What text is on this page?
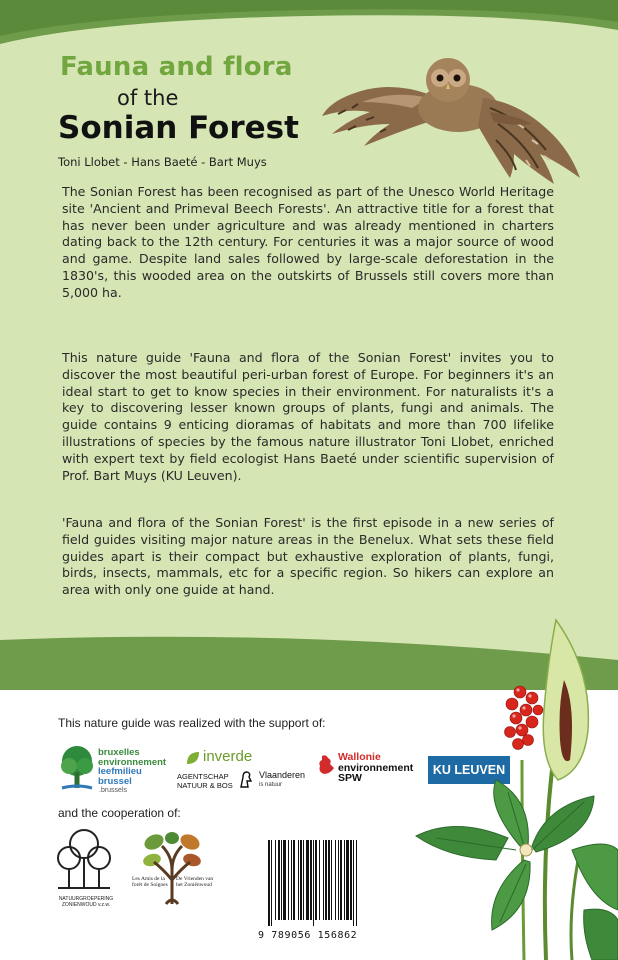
Fauna and flora
of the
Sonian Forest
Toni Llobet - Hans Baeté - Bart Muys

The Sonian Forest has been recognised as part of the Unesco World Heritage site 'Ancient and Primeval Beech Forests'. An attractive title for a forest that has never been under agriculture and was already mentioned in charters dating back to the 12th century. For centuries it was a major source of wood and game. Despite land sales followed by large-scale deforestation in the 1830's, this wooded area on the outskirts of Brussels still covers more than 5,000 ha.

This nature guide 'Fauna and flora of the Sonian Forest' invites you to discover the most beautiful peri-urban forest of Europe. For beginners it's an ideal start to get to know species in their environment. For naturalists it's a key to discovering lesser known groups of plants, fungi and animals. The guide contains 9 enticing dioramas of habitats and more than 700 lifelike illustrations of species by the famous nature illustrator Toni Llobet, enriched with expert text by field ecologist Hans Baeté under scientific supervision of Prof. Bart Muys (KU Leuven).

'Fauna and flora of the Sonian Forest' is the first episode in a new series of field guides visiting major nature areas in the Benelux. What sets these field guides apart is their compact but exhaustive exploration of plants, fungi, birds, insects, mammals, etc for a specific region. So hikers can explore an area with only one guide at hand.

This nature guide was realized with the support of:
bruxelles
environnement
leefmilieu
brussel
.brussels
inverde
AGENTSCHAP
NATUUR & BOS
Vlaanderen
is natuur
Wallonie
environnement
SPW
KU LEUVEN
and the cooperation of:
NATUURGROEPERING
ZONIENWOUD v.z.w.
Les Amis de la forêt de Soignes
De Vrienden van het Zoniënwoud
9 789056 156862
